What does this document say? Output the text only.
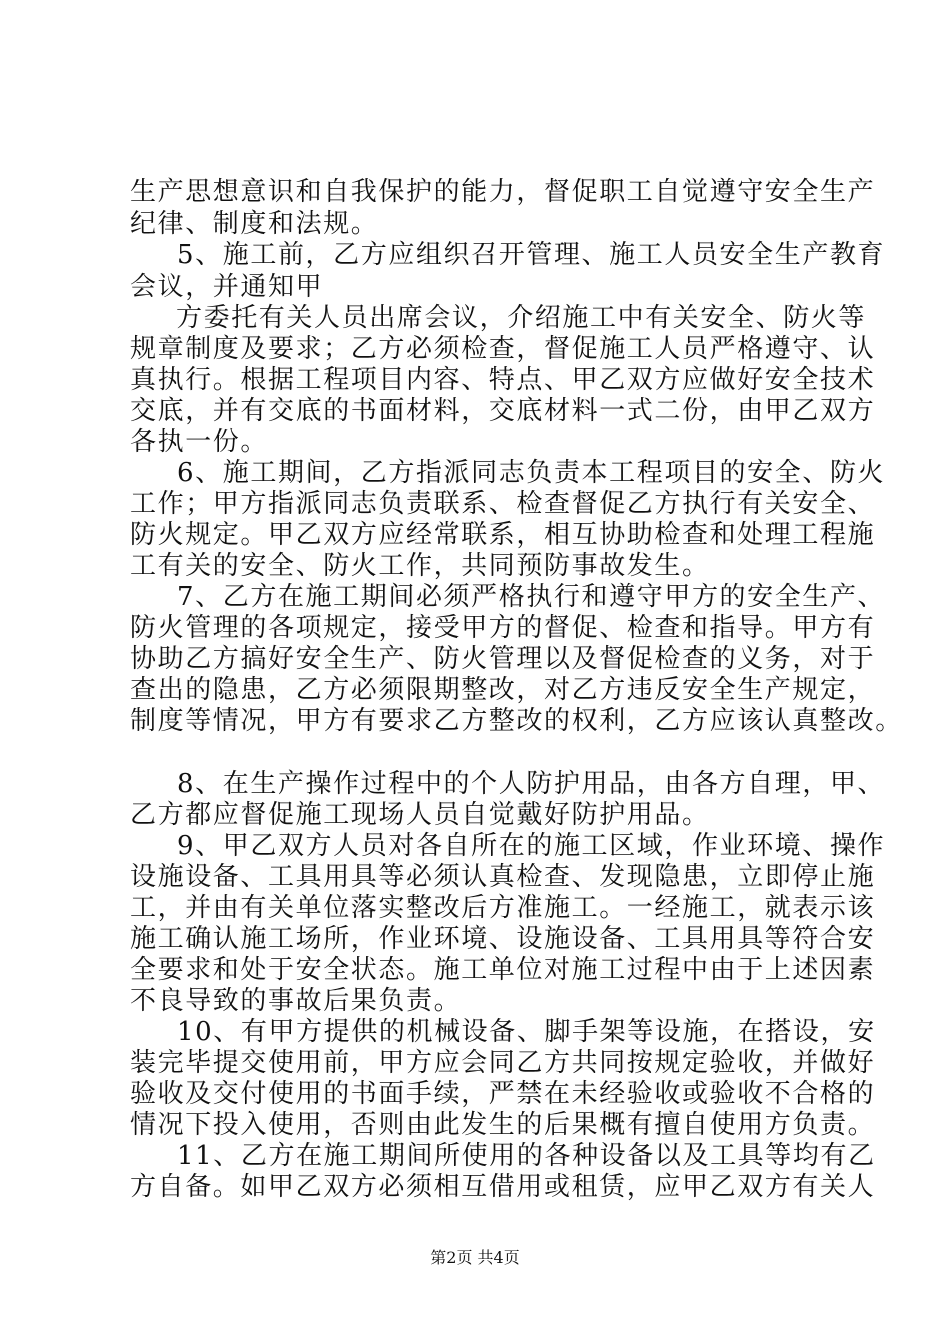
生产思想意识和自我保护的能力，督促职工自觉遵守安全生产
纪律、制度和法规。
5、施工前，乙方应组织召开管理、施工人员安全生产教育
会议，并通知甲
方委托有关人员出席会议，介绍施工中有关安全、防火等
规章制度及要求；乙方必须检查，督促施工人员严格遵守、认
真执行。根据工程项目内容、特点、甲乙双方应做好安全技术
交底，并有交底的书面材料，交底材料一式二份，由甲乙双方
各执一份。
6、施工期间，乙方指派同志负责本工程项目的安全、防火
工作；甲方指派同志负责联系、检查督促乙方执行有关安全、
防火规定。甲乙双方应经常联系，相互协助检查和处理工程施
工有关的安全、防火工作，共同预防事故发生。
7、乙方在施工期间必须严格执行和遵守甲方的安全生产、
防火管理的各项规定，接受甲方的督促、检查和指导。甲方有
协助乙方搞好安全生产、防火管理以及督促检查的义务，对于
查出的隐患，乙方必须限期整改，对乙方违反安全生产规定，
制度等情况，甲方有要求乙方整改的权利，乙方应该认真整改。
8、在生产操作过程中的个人防护用品，由各方自理，甲、
乙方都应督促施工现场人员自觉戴好防护用品。
9、甲乙双方人员对各自所在的施工区域，作业环境、操作
设施设备、工具用具等必须认真检查、发现隐患，立即停止施
工，并由有关单位落实整改后方准施工。一经施工，就表示该
施工确认施工场所，作业环境、设施设备、工具用具等符合安
全要求和处于安全状态。施工单位对施工过程中由于上述因素
不良导致的事故后果负责。
10、有甲方提供的机械设备、脚手架等设施，在搭设，安
装完毕提交使用前，甲方应会同乙方共同按规定验收，并做好
验收及交付使用的书面手续，严禁在未经验收或验收不合格的
情况下投入使用，否则由此发生的后果概有擅自使用方负责。
11、乙方在施工期间所使用的各种设备以及工具等均有乙
方自备。如甲乙双方必须相互借用或租赁，应甲乙双方有关人
第2页 共4页
